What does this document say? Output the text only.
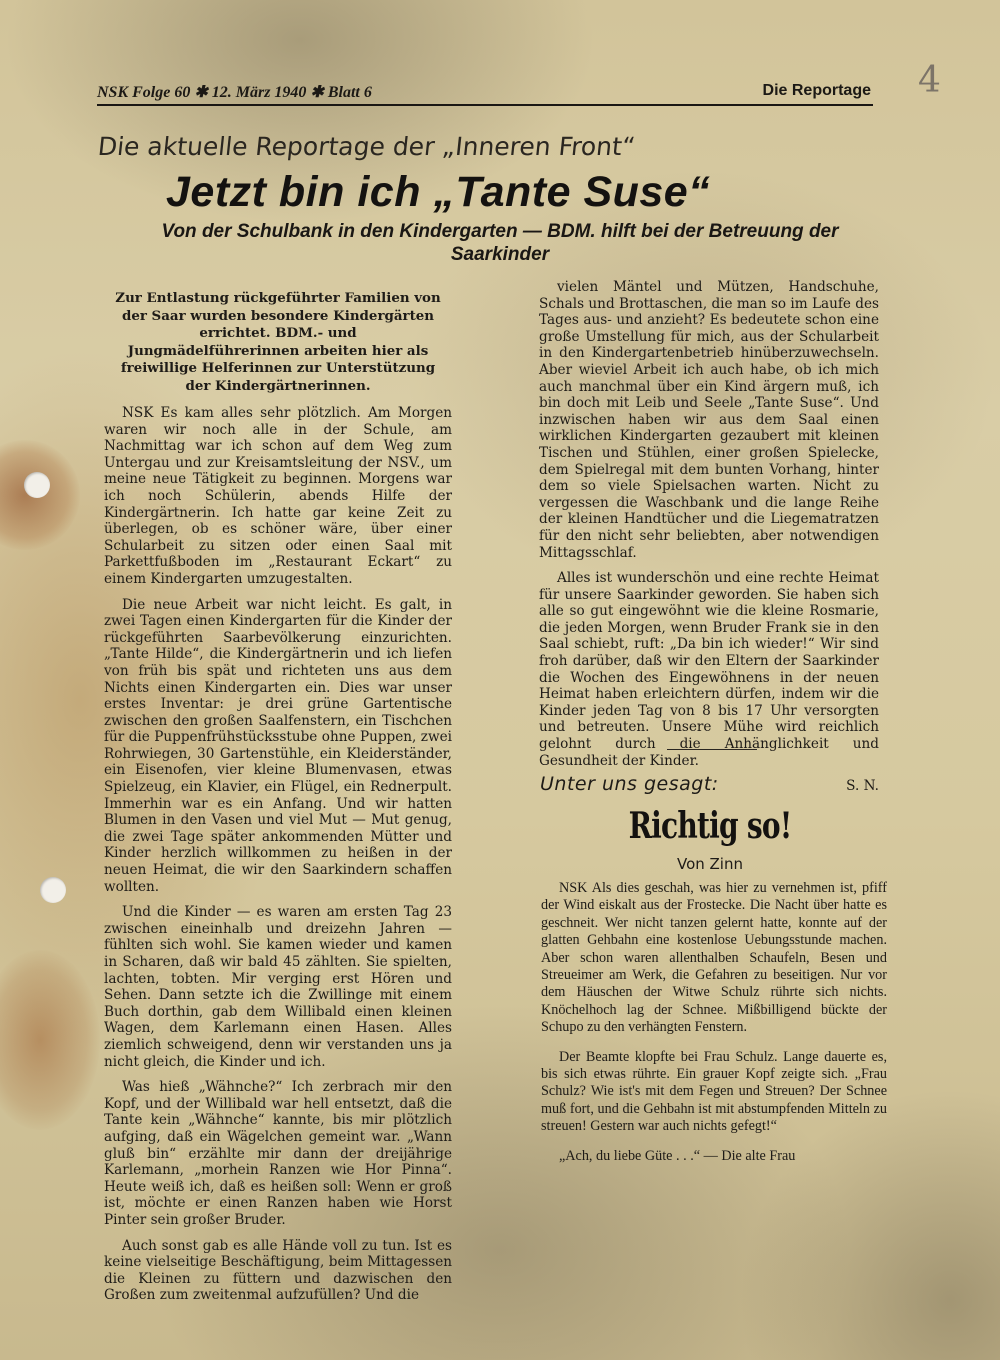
4
NSK Folge 60 ✱ 12. März 1940 ✱ Blatt 6	Die Reportage
Die aktuelle Reportage der „Inneren Front“
Jetzt bin ich „Tante Suse“
Von der Schulbank in den Kindergarten — BDM. hilft bei der Betreuung der Saarkinder

Zur Entlastung rückgeführter Familien von der Saar wurden besondere Kindergärten errichtet. BDM.- und Jungmädelführerinnen arbeiten hier als freiwillige Helferinnen zur Unterstützung der Kindergärtnerinnen.

NSK Es kam alles sehr plötzlich. Am Morgen waren wir noch alle in der Schule, am Nachmittag war ich schon auf dem Weg zum Untergau und zur Kreisamtsleitung der NSV., um meine neue Tätigkeit zu beginnen. Morgens war ich noch Schülerin, abends Hilfe der Kindergärtnerin. Ich hatte gar keine Zeit zu überlegen, ob es schöner wäre, über einer Schularbeit zu sitzen oder einen Saal mit Parkettfußboden im „Restaurant Eckart“ zu einem Kindergarten umzugestalten.

Die neue Arbeit war nicht leicht. Es galt, in zwei Tagen einen Kindergarten für die Kinder der rückgeführten Saarbevölkerung einzurichten. „Tante Hilde“, die Kindergärtnerin und ich liefen von früh bis spät und richteten uns aus dem Nichts einen Kindergarten ein. Dies war unser erstes Inventar: je drei grüne Gartentische zwischen den großen Saalfenstern, ein Tischchen für die Puppenfrühstücksstube ohne Puppen, zwei Rohrwiegen, 30 Gartenstühle, ein Kleiderständer, ein Eisenofen, vier kleine Blumenvasen, etwas Spielzeug, ein Klavier, ein Flügel, ein Rednerpult. Immerhin war es ein Anfang. Und wir hatten Blumen in den Vasen und viel Mut — Mut genug, die zwei Tage später ankommenden Mütter und Kinder herzlich willkommen zu heißen in der neuen Heimat, die wir den Saarkindern schaffen wollten.

Und die Kinder — es waren am ersten Tag 23 zwischen eineinhalb und dreizehn Jahren — fühlten sich wohl. Sie kamen wieder und kamen in Scharen, daß wir bald 45 zählten. Sie spielten, lachten, tobten. Mir verging erst Hören und Sehen. Dann setzte ich die Zwillinge mit einem Buch dorthin, gab dem Willibald einen kleinen Wagen, dem Karlemann einen Hasen. Alles ziemlich schweigend, denn wir verstanden uns ja nicht gleich, die Kinder und ich.

Was hieß „Wähnche?“ Ich zerbrach mir den Kopf, und der Willibald war hell entsetzt, daß die Tante kein „Wähnche“ kannte, bis mir plötzlich aufging, daß ein Wägelchen gemeint war. „Wann gluß bin“ erzählte mir dann der dreijährige Karlemann, „morhein Ranzen wie Hor Pinna“. Heute weiß ich, daß es heißen soll: Wenn er groß ist, möchte er einen Ranzen haben wie Horst Pinter sein großer Bruder.

Auch sonst gab es alle Hände voll zu tun. Ist es keine vielseitige Beschäftigung, beim Mittagessen die Kleinen zu füttern und dazwischen den Großen zum zweitenmal aufzufüllen? Und die

vielen Mäntel und Mützen, Handschuhe, Schals und Brottaschen, die man so im Laufe des Tages aus- und anzieht? Es bedeutete schon eine große Umstellung für mich, aus der Schularbeit in den Kindergartenbetrieb hinüberzuwechseln. Aber wieviel Arbeit ich auch habe, ob ich mich auch manchmal über ein Kind ärgern muß, ich bin doch mit Leib und Seele „Tante Suse“. Und inzwischen haben wir aus dem Saal einen wirklichen Kindergarten gezaubert mit kleinen Tischen und Stühlen, einer großen Spielecke, dem Spielregal mit dem bunten Vorhang, hinter dem so viele Spielsachen warten. Nicht zu vergessen die Waschbank und die lange Reihe der kleinen Handtücher und die Liegematratzen für den nicht sehr beliebten, aber notwendigen Mittagsschlaf.

Alles ist wunderschön und eine rechte Heimat für unsere Saarkinder geworden. Sie haben sich alle so gut eingewöhnt wie die kleine Rosmarie, die jeden Morgen, wenn Bruder Frank sie in den Saal schiebt, ruft: „Da bin ich wieder!“ Wir sind froh darüber, daß wir den Eltern der Saarkinder die Wochen des Eingewöhnens in der neuen Heimat haben erleichtern dürfen, indem wir die Kinder jeden Tag von 8 bis 17 Uhr versorgten und betreuten. Unsere Mühe wird reichlich gelohnt durch die Anhänglichkeit und Gesundheit der Kinder.

S. N.

Unter uns gesagt:
Richtig so!
Von Zinn

NSK Als dies geschah, was hier zu vernehmen ist, pfiff der Wind eiskalt aus der Frostecke. Die Nacht über hatte es geschneit. Wer nicht tanzen gelernt hatte, konnte auf der glatten Gehbahn eine kostenlose Uebungsstunde machen. Aber schon waren allenthalben Schaufeln, Besen und Streueimer am Werk, die Gefahren zu beseitigen. Nur vor dem Häuschen der Witwe Schulz rührte sich nichts. Knöchelhoch lag der Schnee. Mißbilligend bückte der Schupo zu den verhängten Fenstern.

Der Beamte klopfte bei Frau Schulz. Lange dauerte es, bis sich etwas rührte. Ein grauer Kopf zeigte sich. „Frau Schulz? Wie ist's mit dem Fegen und Streuen? Der Schnee muß fort, und die Gehbahn ist mit abstumpfenden Mitteln zu streuen! Gestern war auch nichts gefegt!“

„Ach, du liebe Güte . . .“ — Die alte Frau
